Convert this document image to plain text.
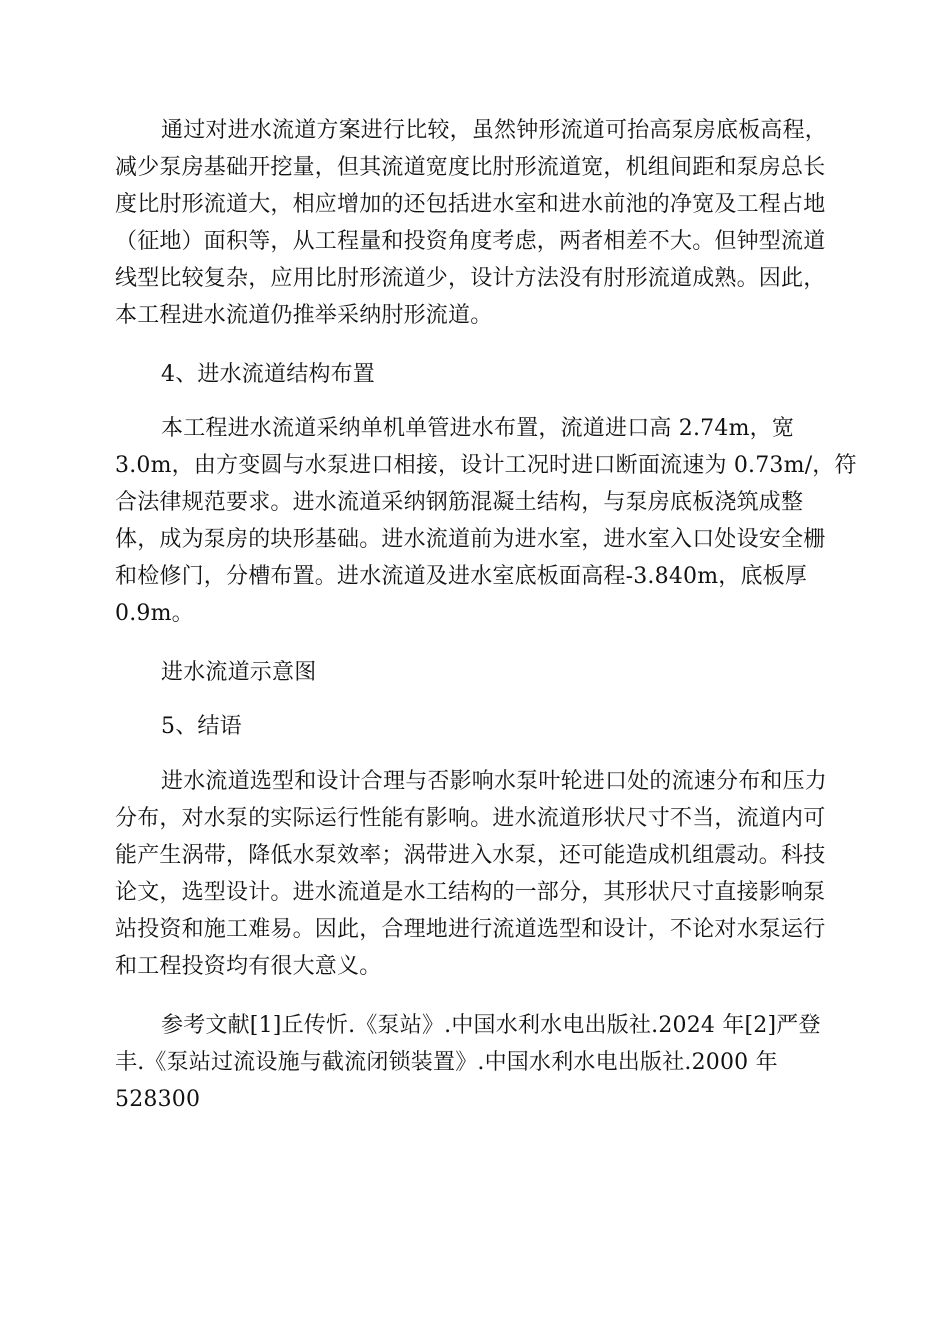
通过对进水流道方案进行比较，虽然钟形流道可抬高泵房底板高程，

减少泵房基础开挖量，但其流道宽度比肘形流道宽，机组间距和泵房总长

度比肘形流道大，相应增加的还包括进水室和进水前池的净宽及工程占地

（征地）面积等，从工程量和投资角度考虑，两者相差不大。但钟型流道

线型比较复杂，应用比肘形流道少，设计方法没有肘形流道成熟。因此，

本工程进水流道仍推举采纳肘形流道。

4、进水流道结构布置

本工程进水流道采纳单机单管进水布置，流道进口高 2.74m，宽

3.0m，由方变圆与水泵进口相接，设计工况时进口断面流速为 0.73m/，符

合法律规范要求。进水流道采纳钢筋混凝土结构，与泵房底板浇筑成整

体，成为泵房的块形基础。进水流道前为进水室，进水室入口处设安全栅

和检修门，分槽布置。进水流道及进水室底板面高程-3.840m，底板厚

0.9m。

进水流道示意图

5、结语

进水流道选型和设计合理与否影响水泵叶轮进口处的流速分布和压力

分布，对水泵的实际运行性能有影响。进水流道形状尺寸不当，流道内可

能产生涡带，降低水泵效率；涡带进入水泵，还可能造成机组震动。科技

论文，选型设计。进水流道是水工结构的一部分，其形状尺寸直接影响泵

站投资和施工难易。因此，合理地进行流道选型和设计，不论对水泵运行

和工程投资均有很大意义。

参考文献[1]丘传忻.《泵站》.中国水利水电出版社.2024 年[2]严登

丰.《泵站过流设施与截流闭锁装置》.中国水利水电出版社.2000 年

528300
